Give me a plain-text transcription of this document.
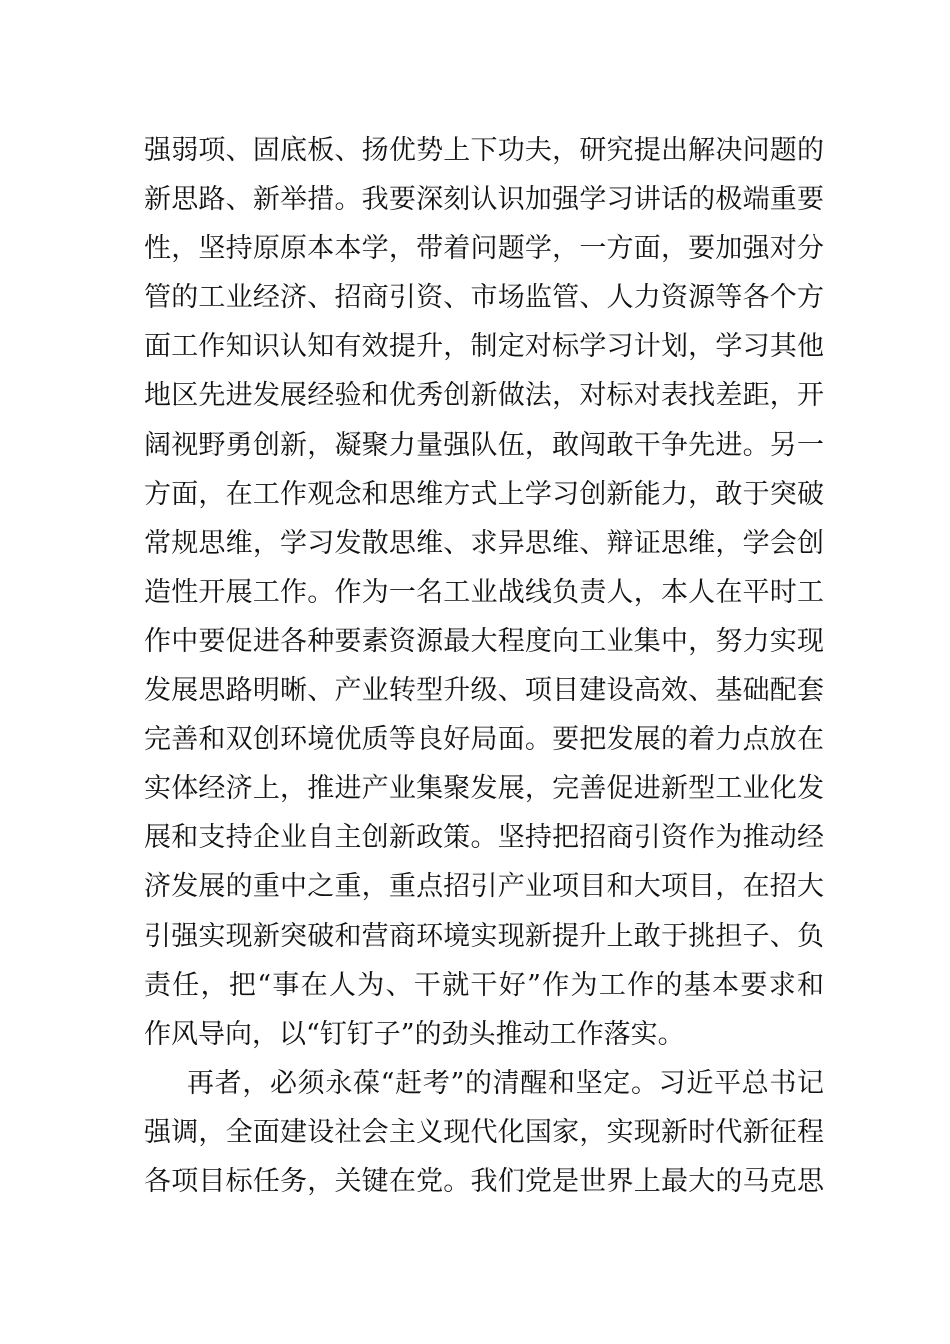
强弱项、固底板、扬优势上下功夫，研究提出解决问题的
新思路、新举措。我要深刻认识加强学习讲话的极端重要
性，坚持原原本本学，带着问题学，一方面，要加强对分
管的工业经济、招商引资、市场监管、人力资源等各个方
面工作知识认知有效提升，制定对标学习计划，学习其他
地区先进发展经验和优秀创新做法，对标对表找差距，开
阔视野勇创新，凝聚力量强队伍，敢闯敢干争先进。另一
方面，在工作观念和思维方式上学习创新能力，敢于突破
常规思维，学习发散思维、求异思维、辩证思维，学会创
造性开展工作。作为一名工业战线负责人，本人在平时工
作中要促进各种要素资源最大程度向工业集中，努力实现
发展思路明晰、产业转型升级、项目建设高效、基础配套
完善和双创环境优质等良好局面。要把发展的着力点放在
实体经济上，推进产业集聚发展，完善促进新型工业化发
展和支持企业自主创新政策。坚持把招商引资作为推动经
济发展的重中之重，重点招引产业项目和大项目，在招大
引强实现新突破和营商环境实现新提升上敢于挑担子、负
责任，把“事在人为、干就干好”作为工作的基本要求和
作风导向，以“钉钉子”的劲头推动工作落实。
再者，必须永葆“赶考”的清醒和坚定。习近平总书记
强调，全面建设社会主义现代化国家，实现新时代新征程
各项目标任务，关键在党。我们党是世界上最大的马克思
